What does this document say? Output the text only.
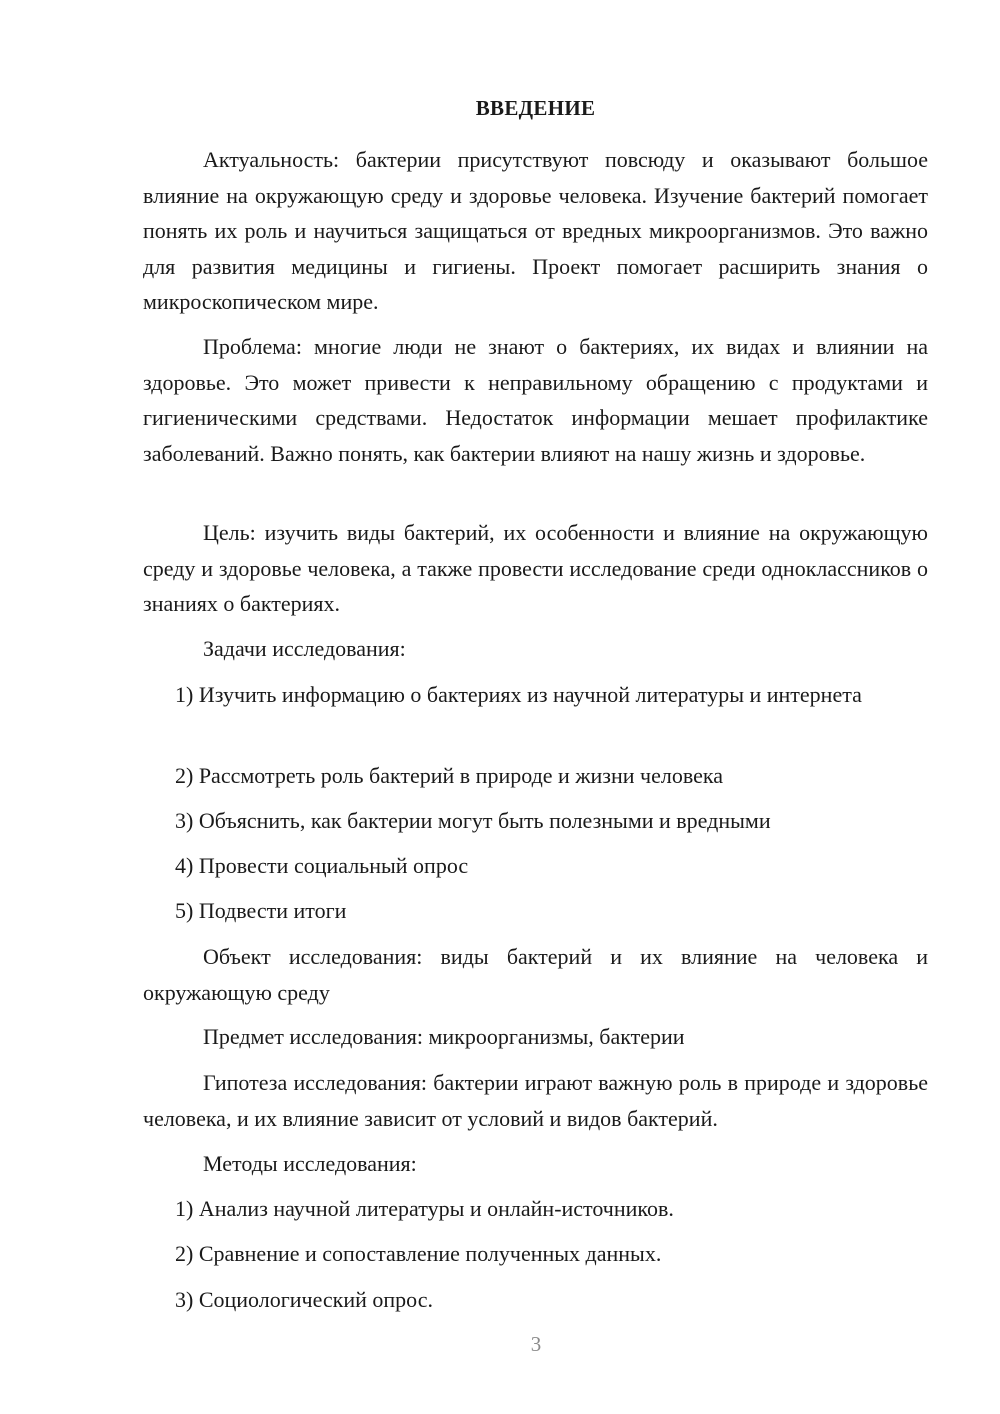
ВВЕДЕНИЕ

Актуальность: бактерии присутствуют повсюду и оказывают большое влияние на окружающую среду и здоровье человека. Изучение бактерий помогает понять их роль и научиться защищаться от вредных микроорганизмов. Это важно для развития медицины и гигиены. Проект помогает расширить знания о микроскопическом мире.

Проблема: многие люди не знают о бактериях, их видах и влиянии на здоровье. Это может привести к неправильному обращению с продуктами и гигиеническими средствами. Недостаток информации мешает профилактике заболеваний. Важно понять, как бактерии влияют на нашу жизнь и здоровье.

Цель: изучить виды бактерий, их особенности и влияние на окружающую среду и здоровье человека, а также провести исследование среди одноклассников о знаниях о бактериях.

Задачи исследования:

1) Изучить информацию о бактериях из научной литературы и интернета

2) Рассмотреть роль бактерий в природе и жизни человека

3) Объяснить, как бактерии могут быть полезными и вредными

4) Провести социальный опрос

5) Подвести итоги

Объект исследования: виды бактерий и их влияние на человека и окружающую среду

Предмет исследования: микроорганизмы, бактерии

Гипотеза исследования: бактерии играют важную роль в природе и здоровье человека, и их влияние зависит от условий и видов бактерий.

Методы исследования:

1) Анализ научной литературы и онлайн-источников.

2) Сравнение и сопоставление полученных данных.

3) Социологический опрос.

3
